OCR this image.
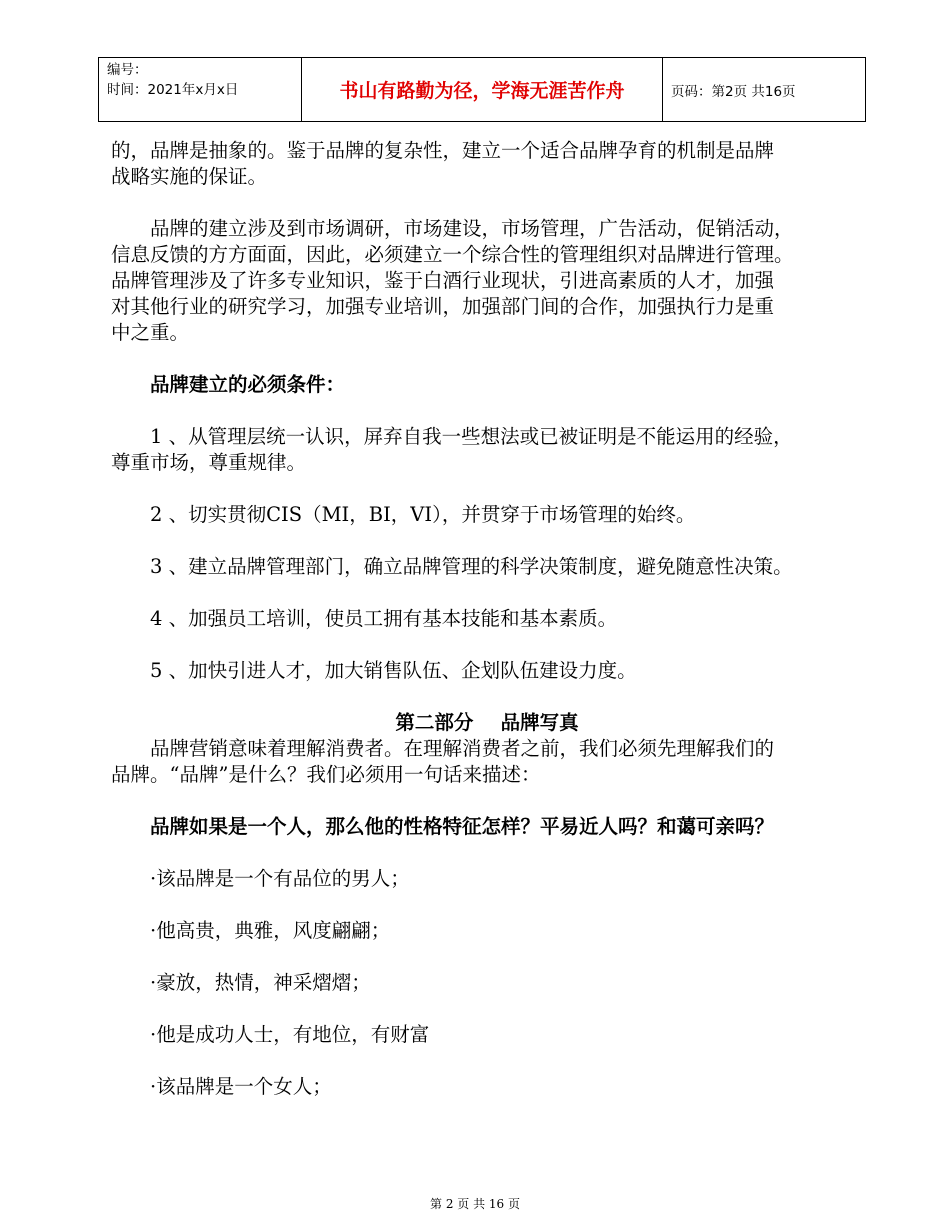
编号：
时间：2021年x月x日	书山有路勤为径，学海无涯苦作舟	页码：第2页 共16页
的，品牌是抽象的。鉴于品牌的复杂性，建立一个适合品牌孕育的机制是品牌
战略实施的保证。
品牌的建立涉及到市场调研，市场建设，市场管理，广告活动，促销活动，
信息反馈的方方面面，因此，必须建立一个综合性的管理组织对品牌进行管理。
品牌管理涉及了许多专业知识，鉴于白酒行业现状，引进高素质的人才，加强
对其他行业的研究学习，加强专业培训，加强部门间的合作，加强执行力是重
中之重。
品牌建立的必须条件：
1 、从管理层统一认识，屏弃自我一些想法或已被证明是不能运用的经验，
尊重市场，尊重规律。
2 、切实贯彻CIS（MI，BI，VI），并贯穿于市场管理的始终。
3 、建立品牌管理部门，确立品牌管理的科学决策制度，避免随意性决策。
4 、加强员工培训，使员工拥有基本技能和基本素质。
5 、加快引进人才，加大销售队伍、企划队伍建设力度。
第二部分    品牌写真
品牌营销意味着理解消费者。在理解消费者之前，我们必须先理解我们的
品牌。“品牌”是什么？我们必须用一句话来描述：
品牌如果是一个人，那么他的性格特征怎样？平易近人吗？和蔼可亲吗？
·该品牌是一个有品位的男人；
·他高贵，典雅，风度翩翩；
·豪放，热情，神采熠熠；
·他是成功人士，有地位，有财富
·该品牌是一个女人；
第 2 页 共 16 页
